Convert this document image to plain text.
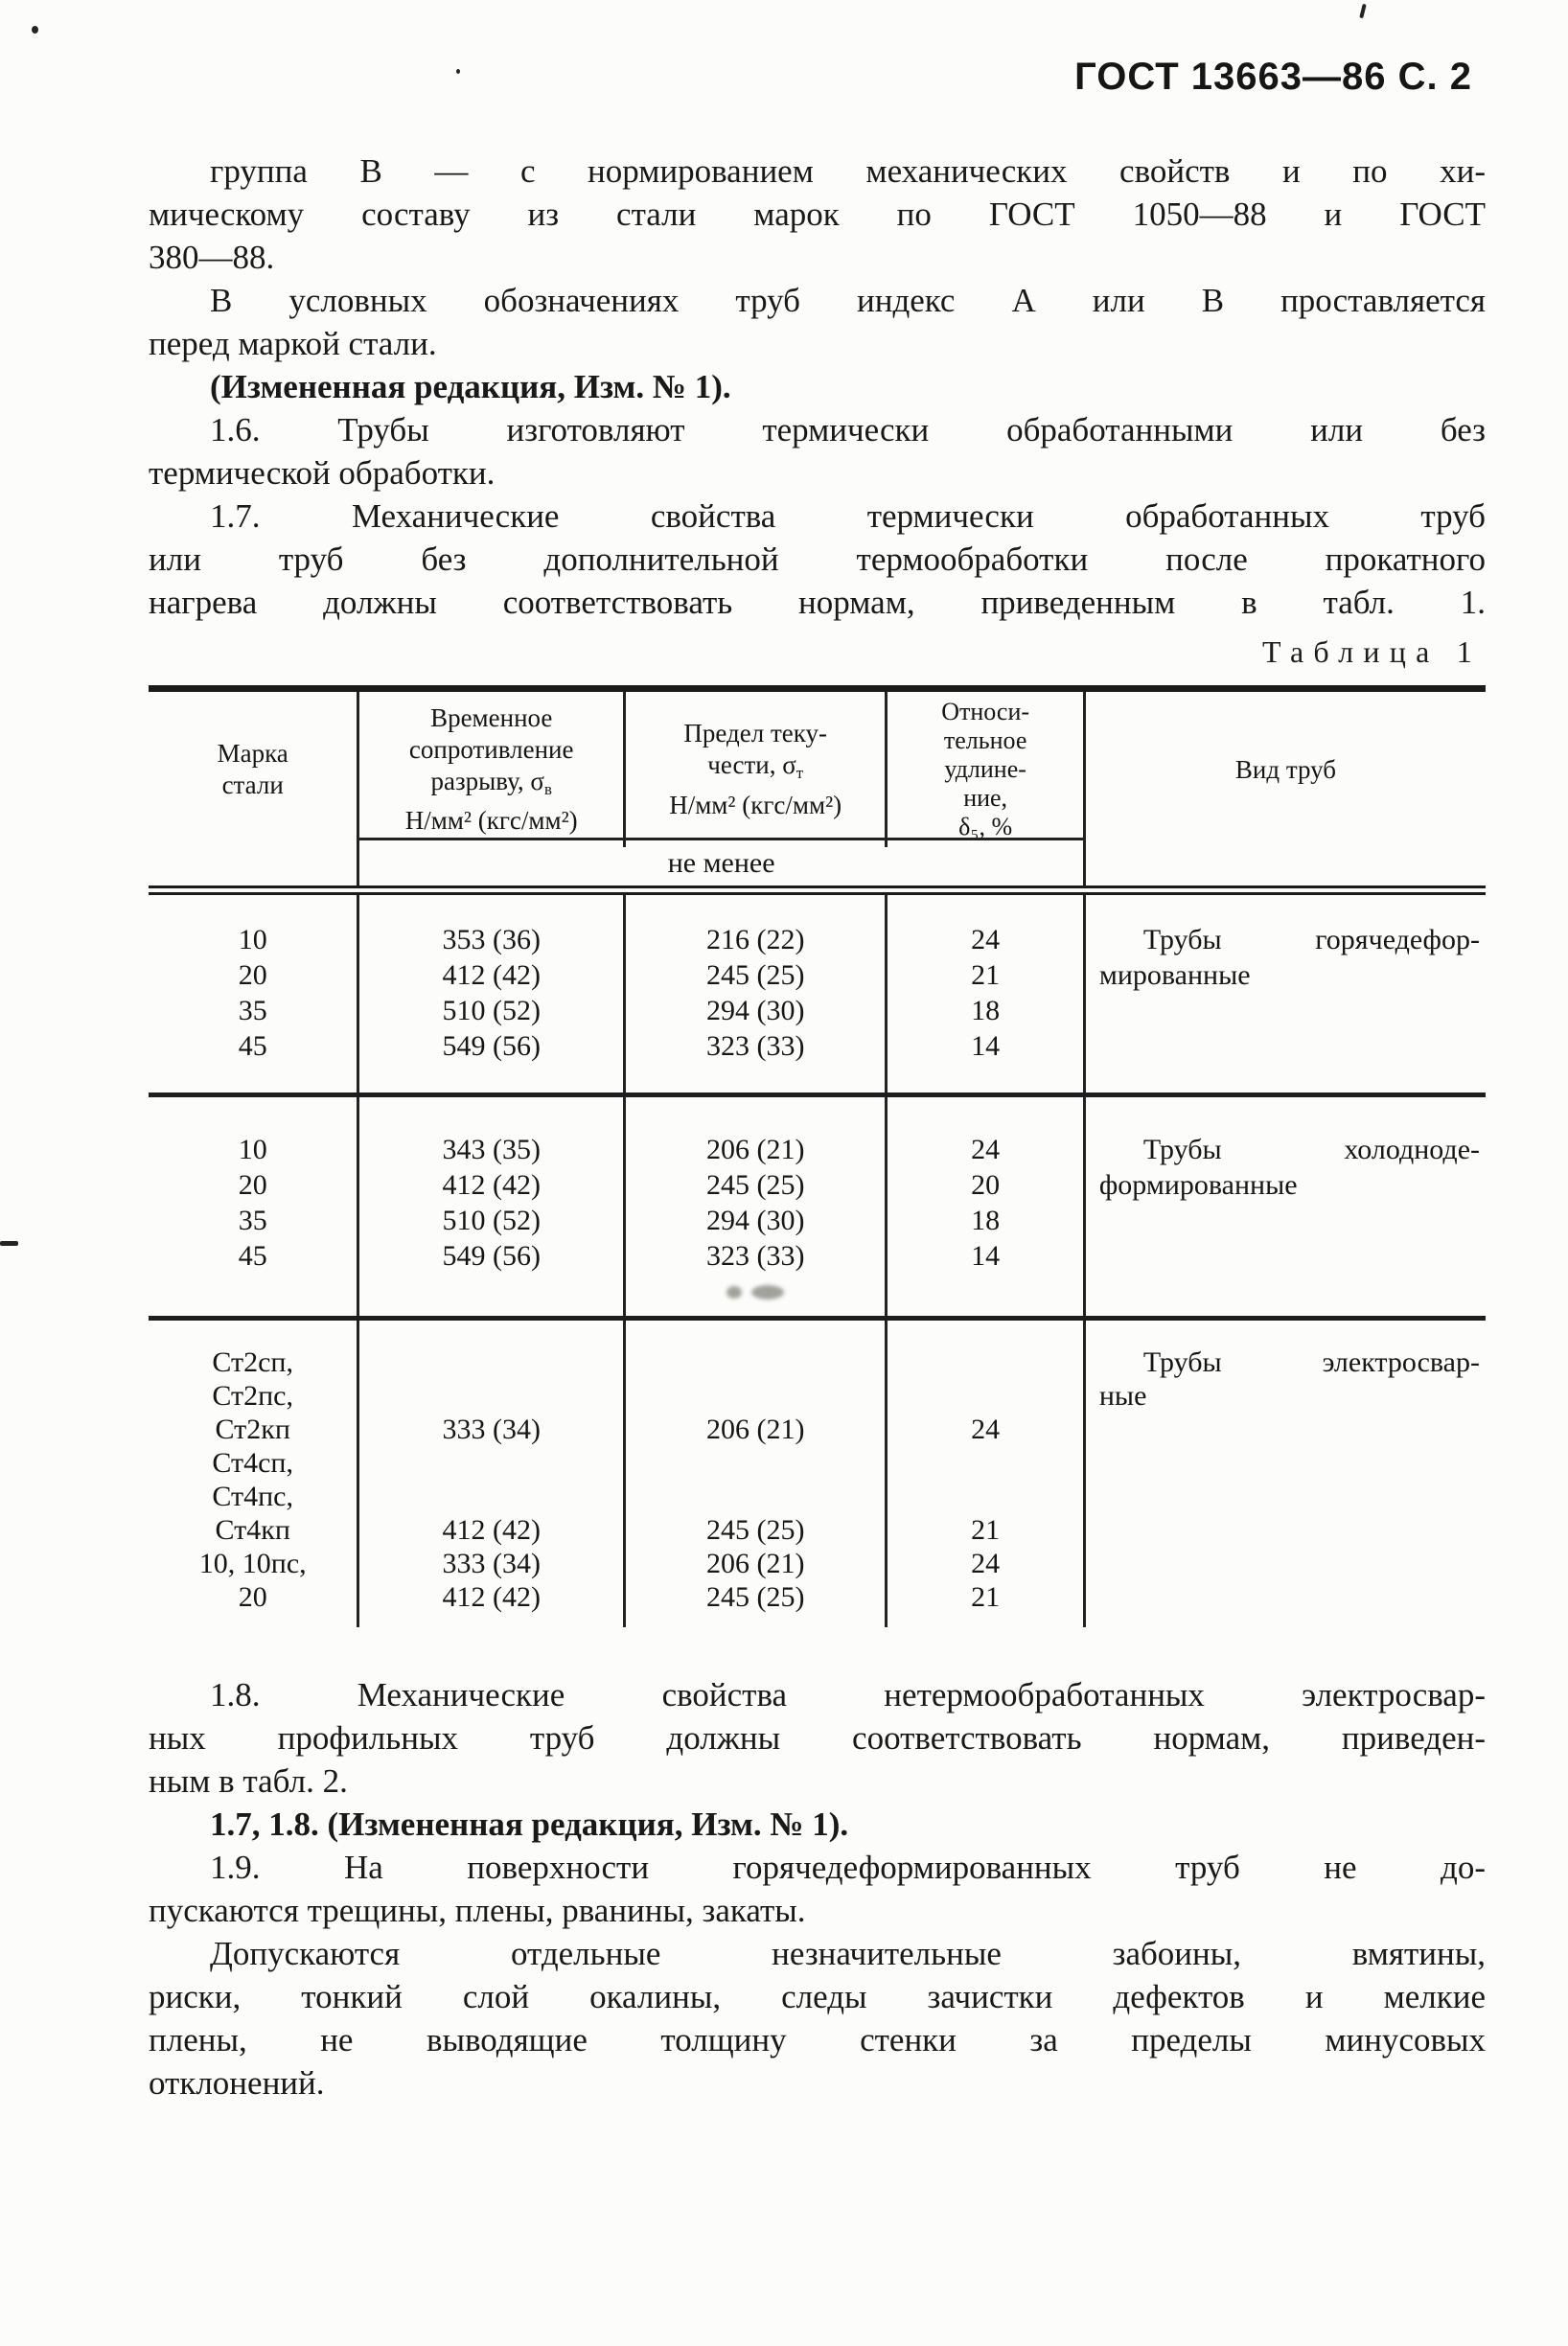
ГОСТ 13663—86 С. 2

группа В — с нормированием механических свойств и по хи-
мическому составу из стали марок по ГОСТ 1050—88 и ГОСТ
380—88.

В условных обозначениях труб индекс А или В проставляется
перед маркой стали.

(Измененная редакция, Изм. № 1).

1.6. Трубы изготовляют термически обработанными или без
термической обработки.

1.7. Механические свойства термически обработанных труб
или труб без дополнительной термообработки после прокатного
нагрева должны соответствовать нормам, приведенным в табл. 1.

Таблица 1
Марка
стали
Временное
сопротивление
разрыву, $\sigma_в$
Н/мм² (кгс/мм²)
Предел теку-
чести, $\sigma_т$
Н/мм² (кгс/мм²)
Относи-
тельное
удлине-
ние,
δ₅, %
Вид труб
не менее
10
20
35
45
353 (36)
412 (42)
510 (52)
549 (56)
216 (22)
245 (25)
294 (30)
323 (33)
24
21
18
14
Трубы горячедефор-
мированные
10
20
35
45
343 (35)
412 (42)
510 (52)
549 (56)
206 (21)
245 (25)
294 (30)
323 (33)
24
20
18
14
Трубы холодноде-
формированные
Ст2сп,
Ст2пс,
Ст2кп
Ст4сп,
Ст4пс,
Ст4кп
10, 10пс,
20
333 (34)
412 (42)
333 (34)
412 (42)
206 (21)
245 (25)
206 (21)
245 (25)
24
21
24
21
Трубы электросвар-
ные

1.8. Механические свойства нетермообработанных электросвар-
ных профильных труб должны соответствовать нормам, приведен-
ным в табл. 2.

1.7, 1.8. (Измененная редакция, Изм. № 1).

1.9. На поверхности горячедеформированных труб не до-
пускаются трещины, плены, рванины, закаты.

Допускаются отдельные незначительные забоины, вмятины,
риски, тонкий слой окалины, следы зачистки дефектов и мелкие
плены, не выводящие толщину стенки за пределы минусовых
отклонений.
